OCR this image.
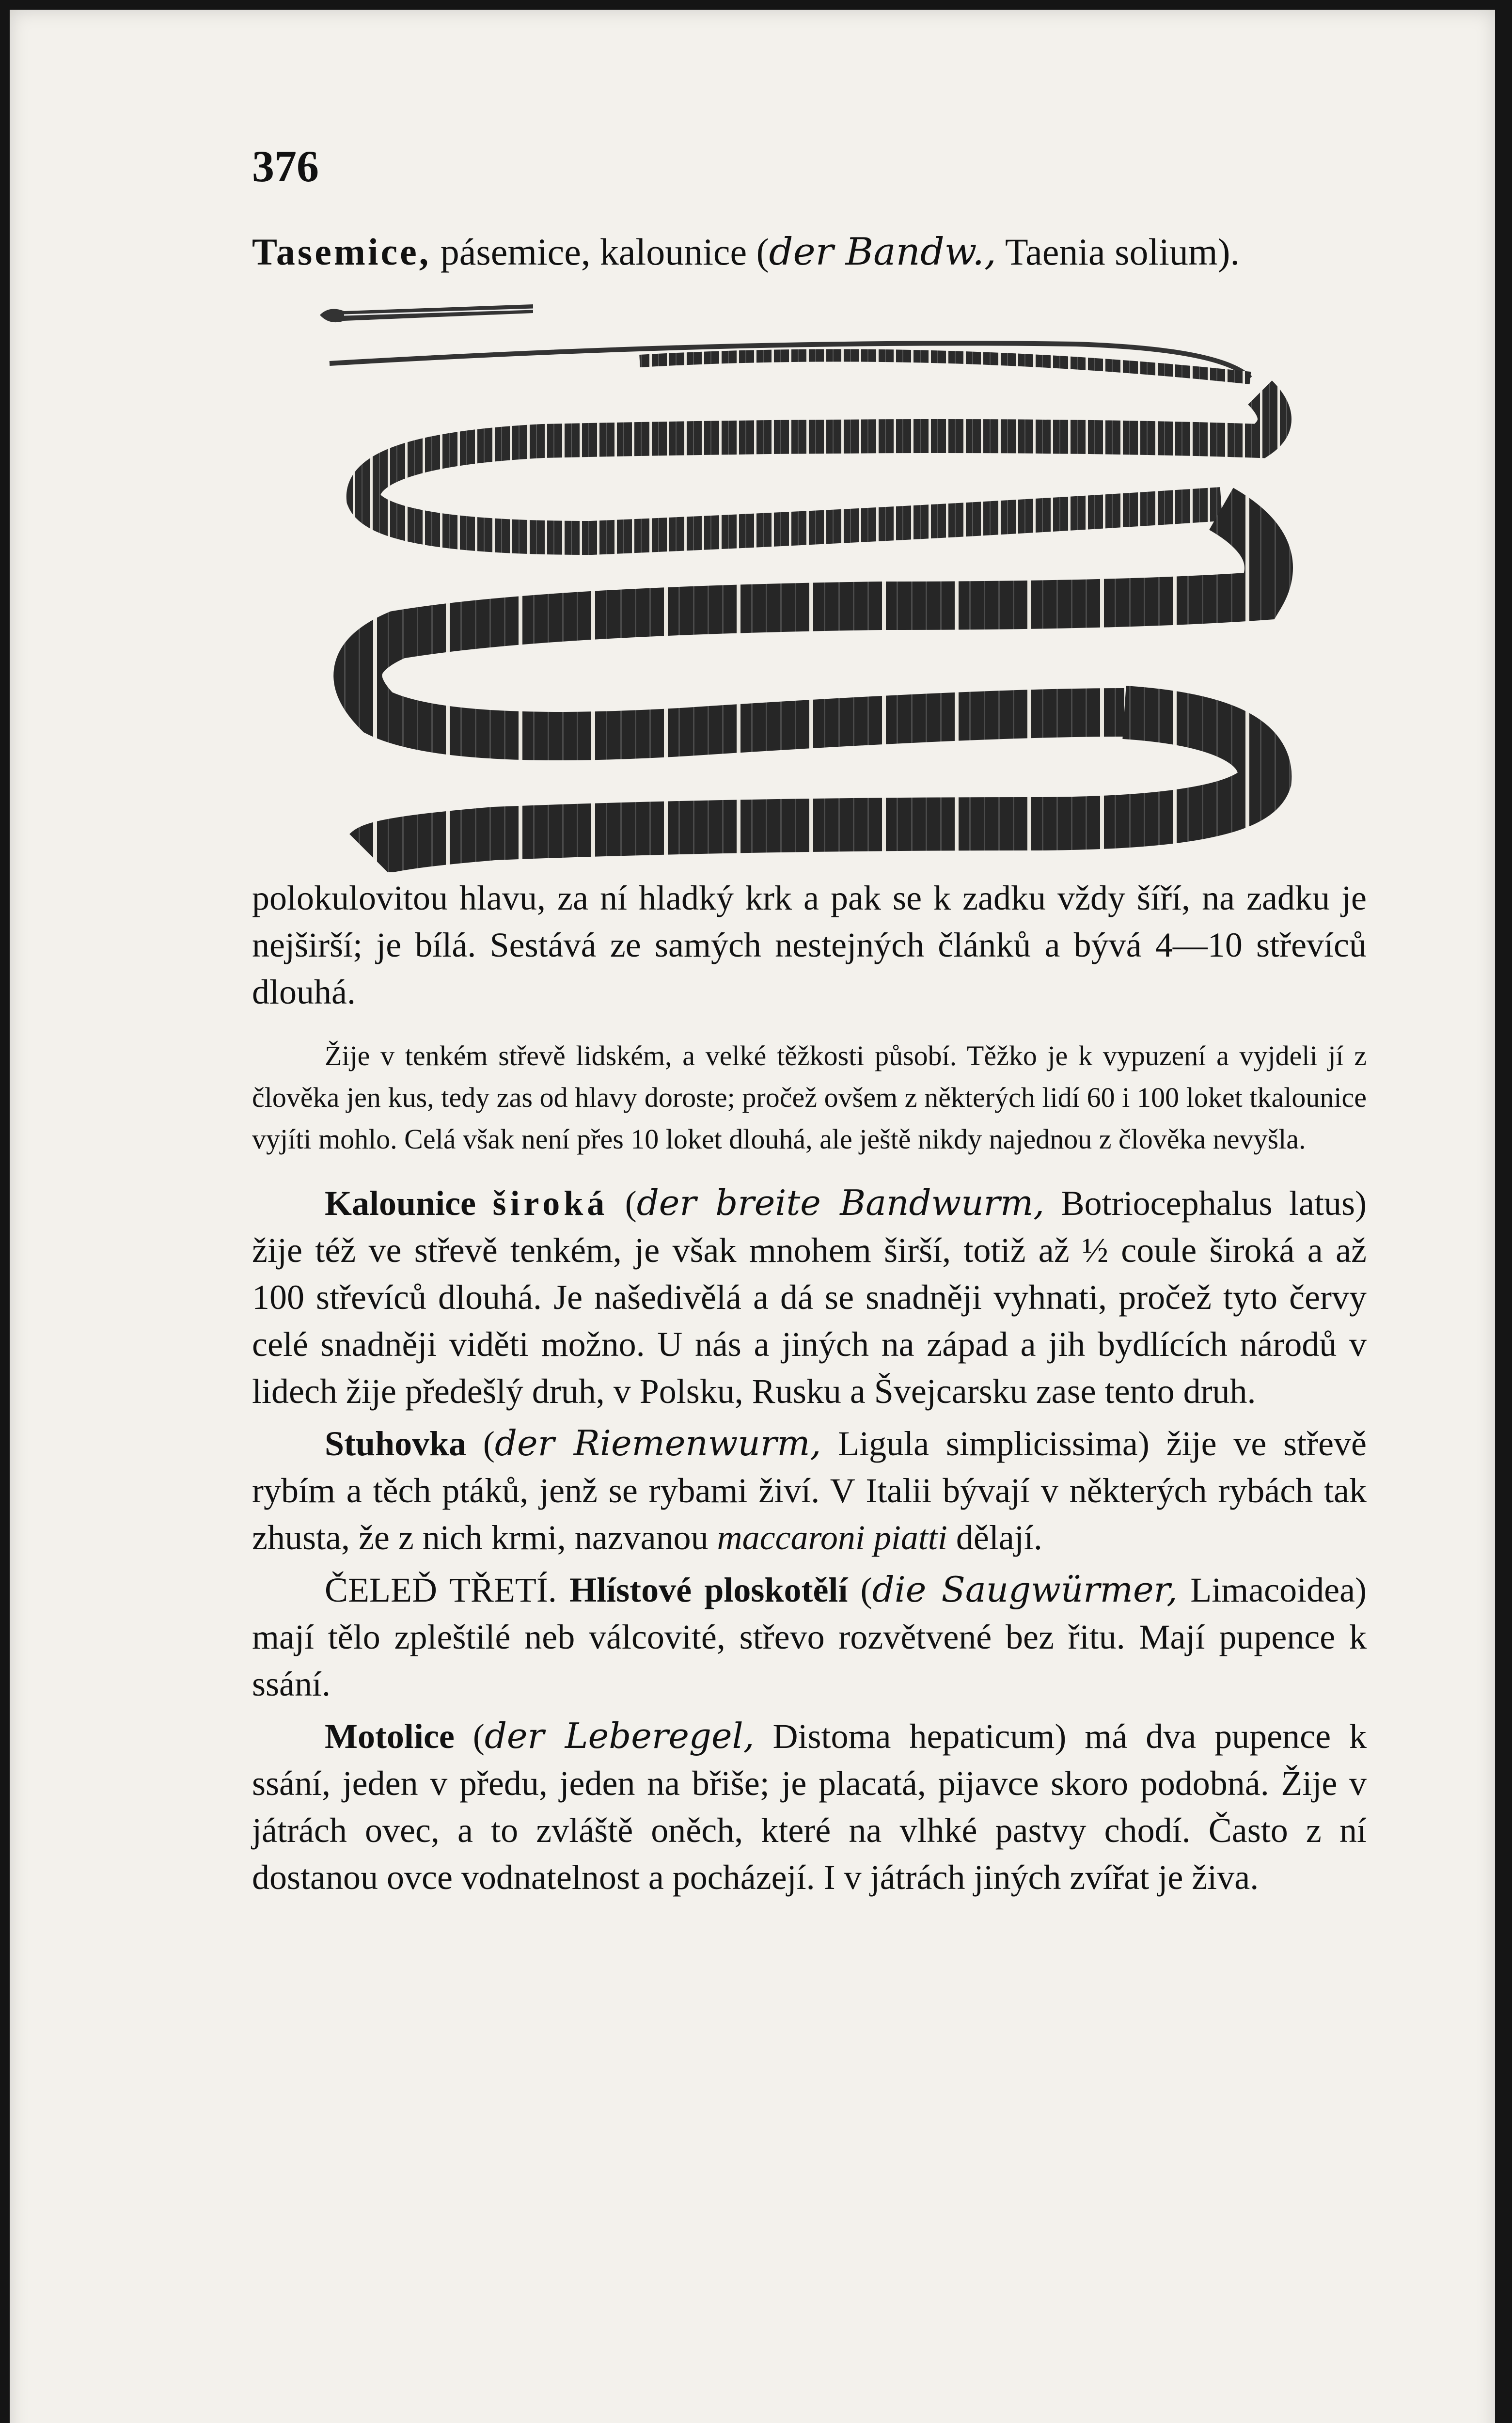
376
Tasemice, pásemice, kalounice (der Bandw., Taenia solium).

polokulovitou hlavu, za ní hladký krk a pak se k zadku vždy šíří, na zadku je nejširší; je bílá. Sestává ze samých nestejných článků a bývá 4—10 střevíců dlouhá.

Žije v tenkém střevě lidském, a velké těžkosti působí. Těžko je k vypuzení a vyjdeli jí z člověka jen kus, tedy zas od hlavy doroste; pročež ovšem z některých lidí 60 i 100 loket tkalounice vyjíti mohlo. Celá však není přes 10 loket dlouhá, ale ještě nikdy najednou z člověka nevyšla.

Kalounice široká (der breite Bandwurm, Botriocephalus latus) žije též ve střevě tenkém, je však mnohem širší, totiž až ½ coule široká a až 100 střevíců dlouhá. Je našedivělá a dá se snadněji vyhnati, pročež tyto červy celé snadněji viděti možno. U nás a jiných na západ a jih bydlících národů v lidech žije předešlý druh, v Polsku, Rusku a Švejcarsku zase tento druh.

Stuhovka (der Riemenwurm, Ligula simplicissima) žije ve střevě rybím a těch ptáků, jenž se rybami živí. V Italii bývají v některých rybách tak zhusta, že z nich krmi, nazvanou maccaroni piatti dělají.

ČELEĎ TŘETÍ. Hlístové ploskotělí (die Saugwürmer, Limacoidea) mají tělo zpleštilé neb válcovité, střevo rozvětvené bez řitu. Mají pupence k ssání.

Motolice (der Leberegel, Distoma hepaticum) má dva pupence k ssání, jeden v předu, jeden na břiše; je placatá, pijavce skoro podobná. Žije v játrách ovec, a to zvláště oněch, které na vlhké pastvy chodí. Často z ní dostanou ovce vodnatelnost a pocházejí. I v játrách jiných zvířat je živa.
